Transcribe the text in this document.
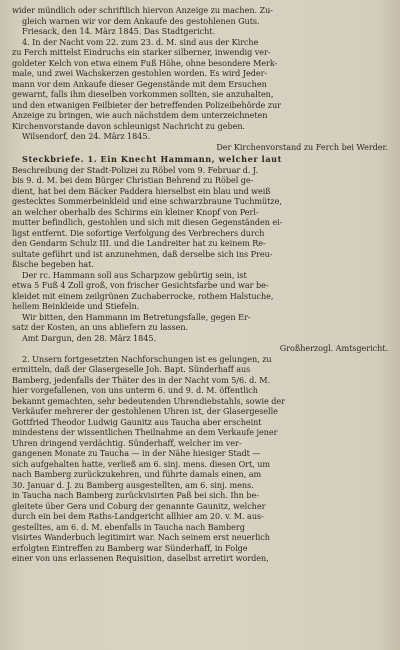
wider mündlich oder schriftlich hiervon Anzeige zu machen. Zu-
gleich warnen wir vor dem Ankaufe des gestohlenen Guts.
Friesack, den 14. März 1845. Das Stadtgericht.
4. In der Nacht vom 22. zum 23. d. M. sind aus der Kirche
zu Ferch mittelst Eindruchs ein starker silberner, inwendig ver-
goldeter Kelch von etwa einem Fuß Höhe, ohne besondere Merk-
male, und zwei Wachskerzen gestohlen worden. Es wird Jeder-
mann vor dem Ankaufe dieser Gegenstände mit dem Ersuchen
gewarnt, falls ihm dieselben vorkommen sollten, sie anzuhalten,
und den etwanigen Feilbieter der betreffenden Polizeibehörde zur
Anzeige zu bringen, wie auch nächstdem dem unterzeichneten
Kirchenvorstande davon schleunigst Nachricht zu geben.
Wilsendorf, den 24. März 1845.
Der Kirchenvorstand zu Ferch bei Werder.
Steckbriefe. 1. Ein Knecht Hammann, welcher laut
Beschreibung der Stadt-Polizei zu Röbel vom 9. Februar d. J.
bis 9. d. M. bei dem Bürger Christian Behrend zu Röbel ge-
dient, hat bei dem Bäcker Paddera hierselbst ein blau und weiß
gestecktes Sommerbeinkleid und eine schwarzbraune Tuchmütze,
an welcher oberhalb des Schirms ein kleiner Knopf von Perl-
mutter befindlich, gestohlen und sich mit diesen Gegenständen ei-
ligst entfernt. Die sofortige Verfolgung des Verbrechers durch
den Gendarm Schulz III. und die Landreiter hat zu keinem Re-
sultate geführt und ist anzunehmen, daß derselbe sich ins Preu-
ßische begeben hat.
Der rc. Hammann soll aus Scharpzow gebürtig sein, ist
etwa 5 Fuß 4 Zoll groß, von frischer Gesichtsfarbe und war be-
kleidet mit einem zeilgrünen Zuchaberrocke, rothem Halstuche,
hellem Beinkleide und Stiefeln.
Wir bitten, den Hammann im Betretungsfalle, gegen Er-
satz der Kosten, an uns abliefern zu lassen.
Amt Dargun, den 28. März 1845.
Großherzogl. Amtsgericht.
2. Unsern fortgesetzten Nachforschungen ist es gelungen, zu
ermitteln, daß der Glasergeselle Joh. Bapt. Sünderhaff aus
Bamberg, jedenfalls der Thäter des in der Nacht vom 5/6. d. M.
hier vorgefallenen, von uns unterm 6. und 9. d. M. öffentlich
bekannt gemachten, sehr bedeutenden Uhrendiebstahls, sowie der
Verkäufer mehrerer der gestohlenen Uhren ist, der Glasergeselle
Gottfried Theodor Ludwig Gaunitz aus Taucha aber erscheint
mindestens der wissentlichen Theilnahme an dem Verkaufe jener
Uhren dringend verdächtig. Sünderhaff, welcher im ver-
gangenen Monate zu Taucha — in der Nähe hiesiger Stadt —
sich aufgehalten hatte, verließ am 6. sinj. mens. diesen Ort, um
nach Bamberg zurückzukehren, und führte damals einen, am
30. Januar d. J. zu Bamberg ausgestellten, am 6. sinj. mens.
in Taucha nach Bamberg zurückvisirten Paß bei sich. Ihn be-
gleitete über Gera und Coburg der genannte Gaunitz, welcher
durch ein bei dem Raths-Landgericht allhier am 20. v. M. aus-
gestelltes, am 6. d. M. ebenfalls in Taucha nach Bamberg
visirtes Wanderbuch legitimirt war. Nach seinem erst neuerlich
erfolgten Eintreffen zu Bamberg war Sünderhaff, in Folge
einer von uns erlassenen Requisition, daselbst arretirt worden,
